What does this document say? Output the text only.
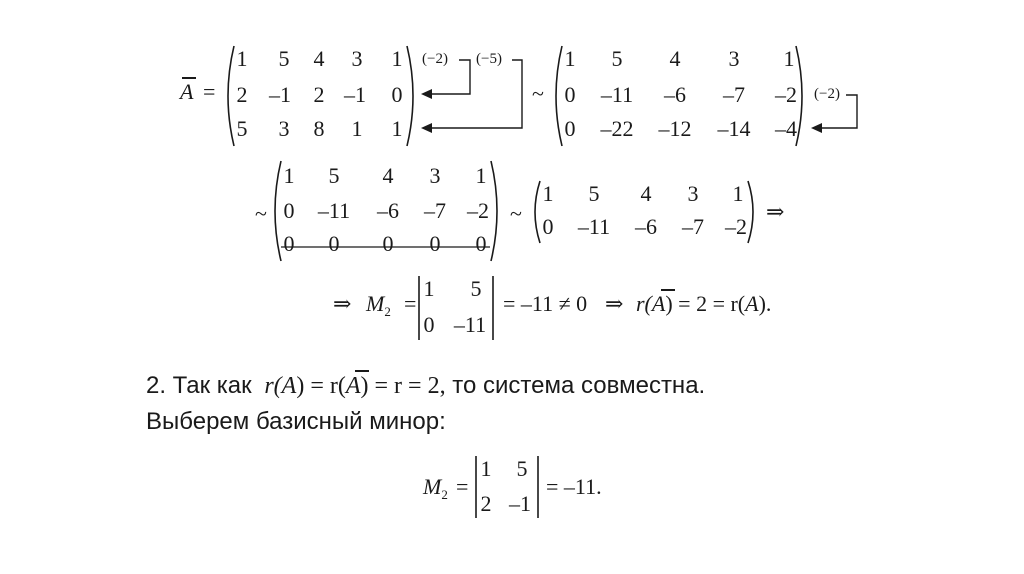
A =
1 5 4 3 1
2 –1 2 –1 0
5 3 8 1 1
(−2) (−5)
~
1 5 4 3 1
0 –11 –6 –7 –2
0 –22 –12 –14 –4
(−2)
~
1 5 4 3 1
0 –11 –6 –7 –2
0 0 0 0 0
~
1 5 4 3 1
0 –11 –6 –7 –2
⇒
⇒ $M_2$ =
1 5
0 –11
= –11 ≠ 0 ⇒ r(A) = 2 = r(A).
2. Так как r(A) = r(A) = r = 2, то система совместна.
Выберем базисный минор:
$M_2$ =
1 5
2 –1
= –11.
